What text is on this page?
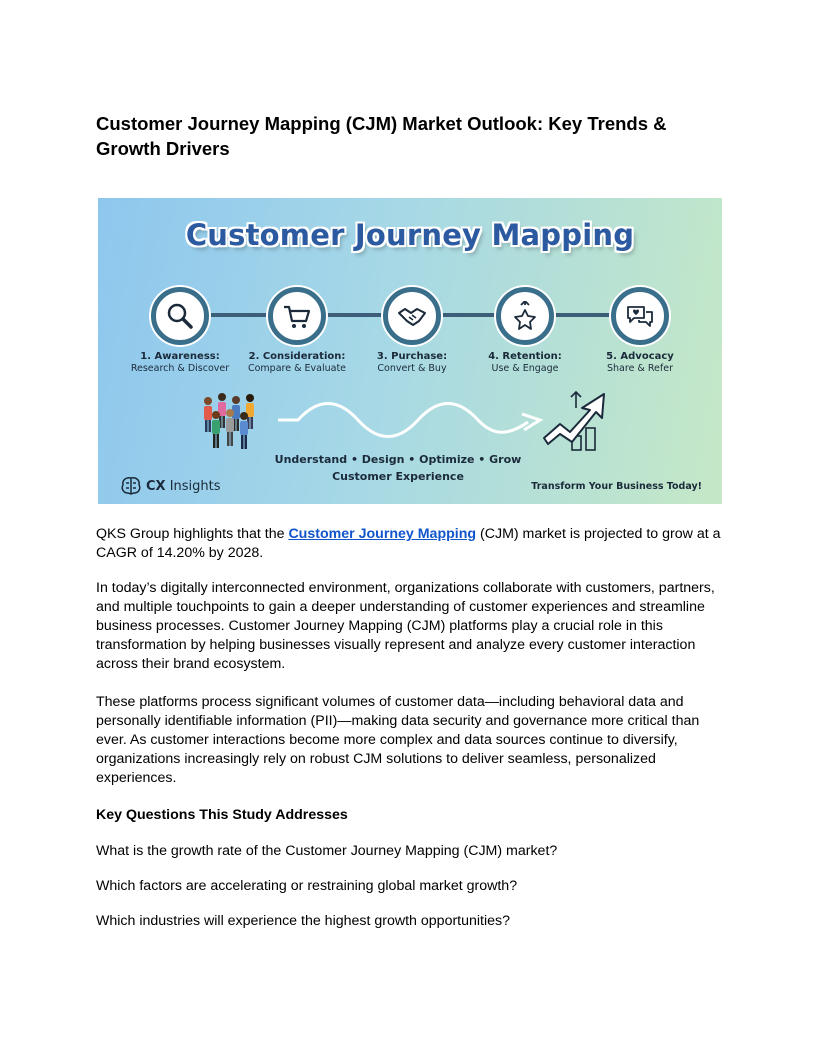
Customer Journey Mapping (CJM) Market Outlook: Key Trends & Growth Drivers
Customer Journey Mapping
1. Awareness:
Research & Discover
2. Consideration:
Compare & Evaluate
3. Purchase:
Convert & Buy
4. Retention:
Use & Engage
5. Advocacy
Share & Refer
Understand • Design • Optimize • Grow
Customer Experience
CX Insights	Transform Your Business Today!

QKS Group highlights that the Customer Journey Mapping (CJM) market is projected to grow at a CAGR of 14.20% by 2028.

In today’s digitally interconnected environment, organizations collaborate with customers, partners, and multiple touchpoints to gain a deeper understanding of customer experiences and streamline business processes. Customer Journey Mapping (CJM) platforms play a crucial role in this transformation by helping businesses visually represent and analyze every customer interaction across their brand ecosystem.

These platforms process significant volumes of customer data—including behavioral data and personally identifiable information (PII)—making data security and governance more critical than ever. As customer interactions become more complex and data sources continue to diversify, organizations increasingly rely on robust CJM solutions to deliver seamless, personalized experiences.

Key Questions This Study Addresses

What is the growth rate of the Customer Journey Mapping (CJM) market?

Which factors are accelerating or restraining global market growth?

Which industries will experience the highest growth opportunities?
